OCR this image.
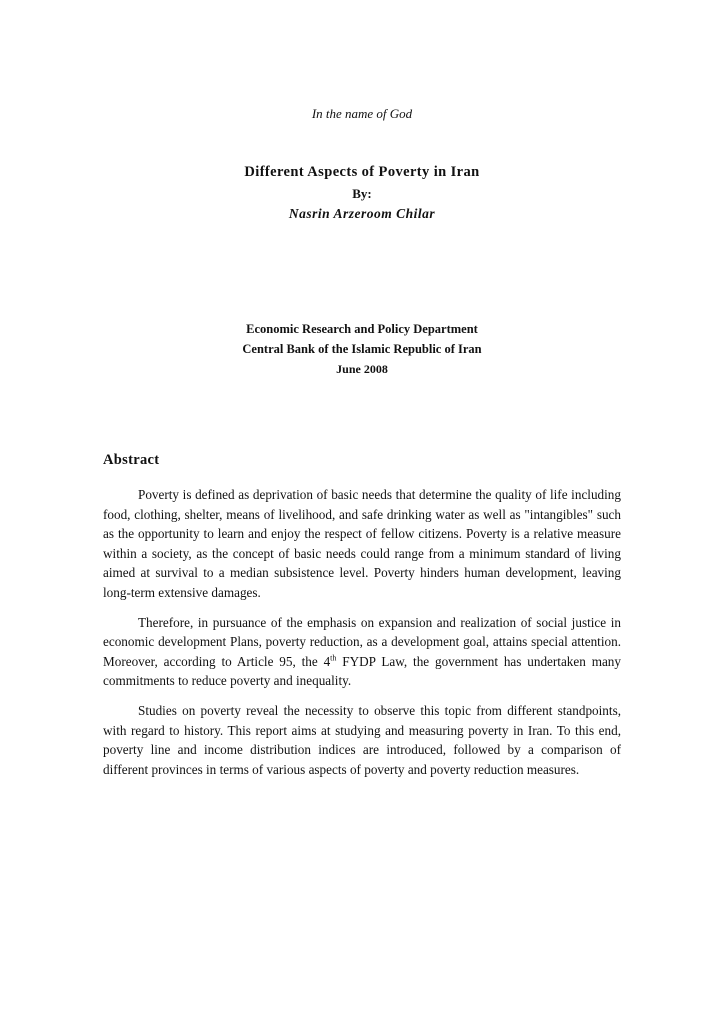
In the name of God
Different Aspects of Poverty in Iran
By:
Nasrin Arzeroom Chilar
Economic Research and Policy Department
Central Bank of the Islamic Republic of Iran
June 2008
Abstract

Poverty is defined as deprivation of basic needs that determine the quality of life including food, clothing, shelter, means of livelihood, and safe drinking water as well as "intangibles" such as the opportunity to learn and enjoy the respect of fellow citizens. Poverty is a relative measure within a society, as the concept of basic needs could range from a minimum standard of living aimed at survival to a median subsistence level. Poverty hinders human development, leaving long-term extensive damages.

Therefore, in pursuance of the emphasis on expansion and realization of social justice in economic development Plans, poverty reduction, as a development goal, attains special attention. Moreover, according to Article 95, the 4th FYDP Law, the government has undertaken many commitments to reduce poverty and inequality.

Studies on poverty reveal the necessity to observe this topic from different standpoints, with regard to history. This report aims at studying and measuring poverty in Iran. To this end, poverty line and income distribution indices are introduced, followed by a comparison of different provinces in terms of various aspects of poverty and poverty reduction measures.
